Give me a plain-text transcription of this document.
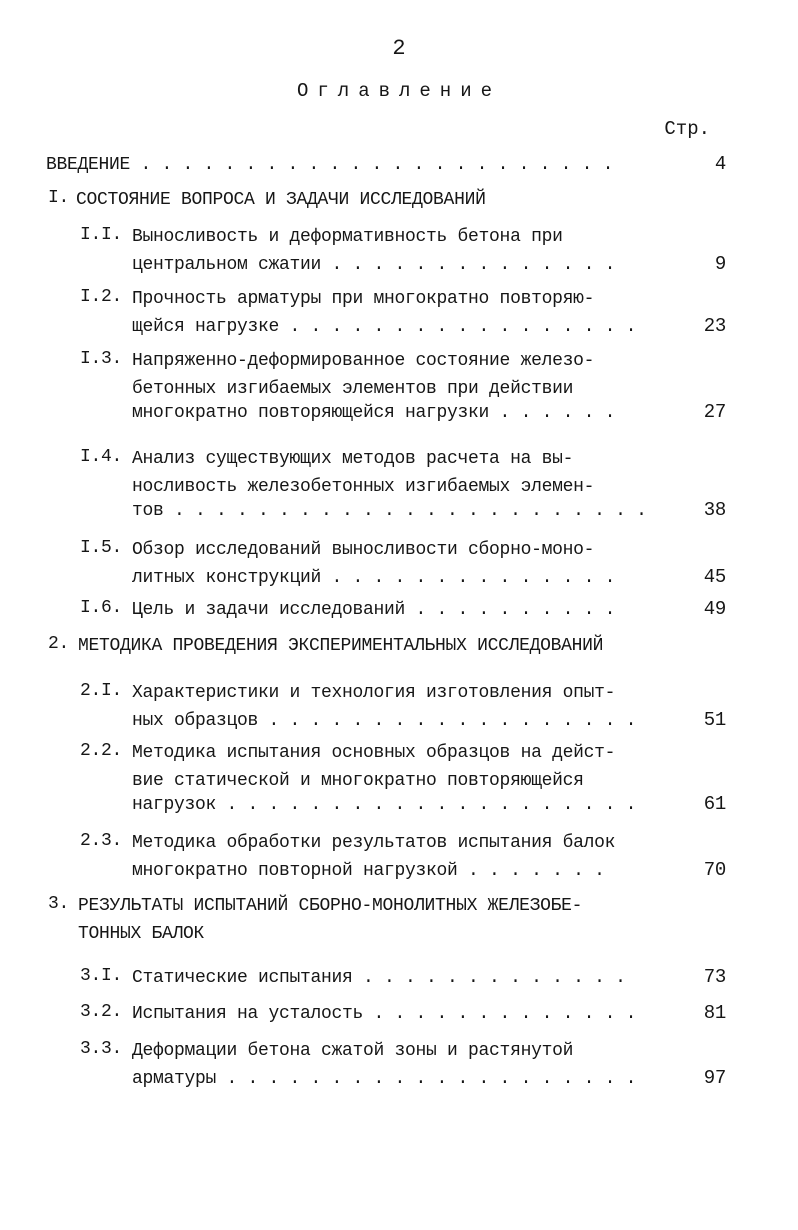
2
Оглавление
Стр.
ВВЕДЕНИЕ . . . . . . . . . . . . . . . . . . . . . . .	4
I. СОСТОЯНИЕ ВОПРОСА И ЗАДАЧИ ИССЛЕДОВАНИЙ
I.I. Выносливость и деформативность бетона при
центральном сжатии . . . . . . . . . . . . . .	9
I.2. Прочность арматуры при многократно повторяю-
щейся нагрузке . . . . . . . . . . . . . . . . .	23
I.3. Напряженно-деформированное состояние железо-
бетонных изгибаемых элементов при действии
многократно повторяющейся нагрузки . . . . . .	27
I.4. Анализ существующих методов расчета на вы-
носливость железобетонных изгибаемых элемен-
тов . . . . . . . . . . . . . . . . . . . . . . .	38
I.5. Обзор исследований выносливости сборно-моно-
литных конструкций . . . . . . . . . . . . . .	45
I.6. Цель и задачи исследований . . . . . . . . . .	49
2. МЕТОДИКА ПРОВЕДЕНИЯ ЭКСПЕРИМЕНТАЛЬНЫХ ИССЛЕДОВАНИЙ
2.I. Характеристики и технология изготовления опыт-
ных образцов . . . . . . . . . . . . . . . . . .	51
2.2. Методика испытания основных образцов на дейст-
вие статической и многократно повторяющейся
нагрузок . . . . . . . . . . . . . . . . . . . .	61
2.3. Методика обработки результатов испытания балок
многократно повторной нагрузкой . . . . . . .	70
3. РЕЗУЛЬТАТЫ ИСПЫТАНИЙ СБОРНО-МОНОЛИТНЫХ ЖЕЛЕЗОБЕ-
ТОННЫХ БАЛОК
3.I. Статические испытания . . . . . . . . . . . . .	73
3.2. Испытания на усталость . . . . . . . . . . . . .	81
3.3. Деформации бетона сжатой зоны и растянутой
арматуры . . . . . . . . . . . . . . . . . . . .	97
